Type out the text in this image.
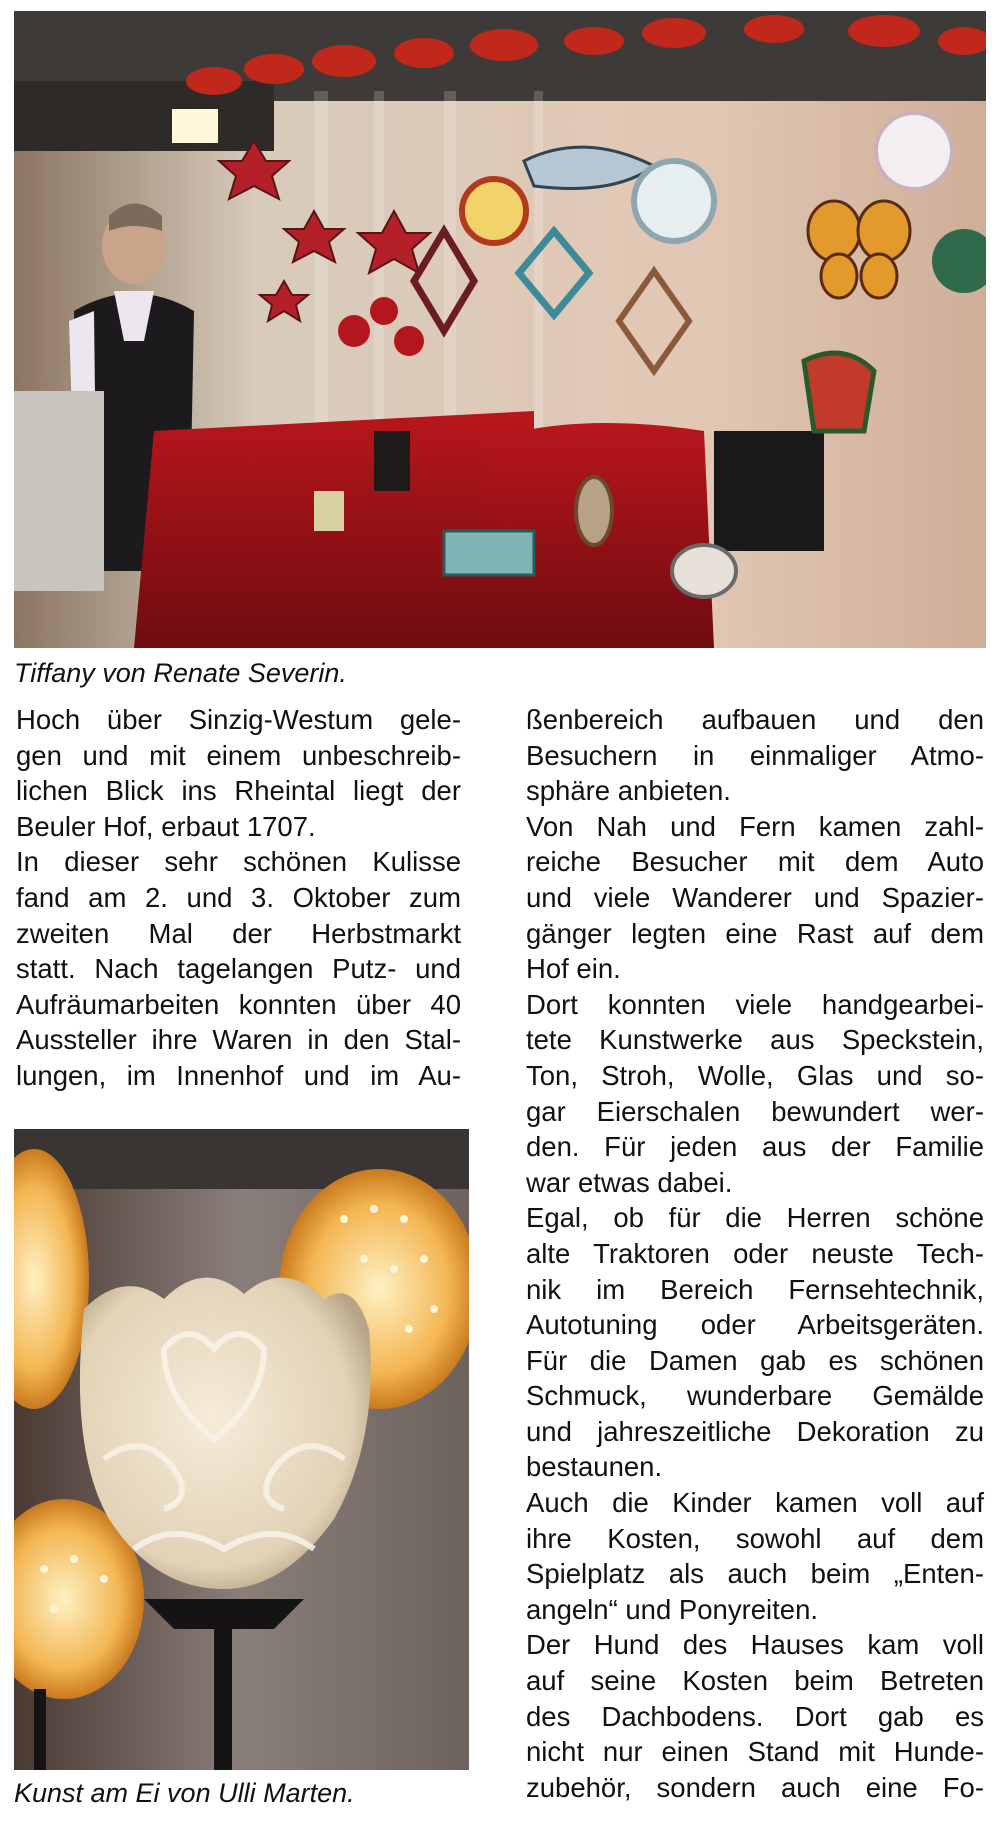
Tiffany von Renate Severin.
Hoch über Sinzig-Westum gele-
gen und mit einem unbeschreib-
lichen Blick ins Rheintal liegt der
Beuler Hof, erbaut 1707.
In dieser sehr schönen Kulisse
fand am 2. und 3. Oktober zum
zweiten Mal der Herbstmarkt
statt. Nach tagelangen Putz- und
Aufräumarbeiten konnten über 40
Aussteller ihre Waren in den Stal-
lungen, im Innenhof und im Au-
Kunst am Ei von Ulli Marten.
ßenbereich aufbauen und den
Besuchern in einmaliger Atmo-
sphäre anbieten.
Von Nah und Fern kamen zahl-
reiche Besucher mit dem Auto
und viele Wanderer und Spazier-
gänger legten eine Rast auf dem
Hof ein.
Dort konnten viele handgearbei-
tete Kunstwerke aus Speckstein,
Ton, Stroh, Wolle, Glas und so-
gar Eierschalen bewundert wer-
den. Für jeden aus der Familie
war etwas dabei.
Egal, ob für die Herren schöne
alte Traktoren oder neuste Tech-
nik im Bereich Fernsehtechnik,
Autotuning oder Arbeitsgeräten.
Für die Damen gab es schönen
Schmuck, wunderbare Gemälde
und jahreszeitliche Dekoration zu
bestaunen.
Auch die Kinder kamen voll auf
ihre Kosten, sowohl auf dem
Spielplatz als auch beim „Enten-
angeln“ und Ponyreiten.
Der Hund des Hauses kam voll
auf seine Kosten beim Betreten
des Dachbodens. Dort gab es
nicht nur einen Stand mit Hunde-
zubehör, sondern auch eine Fo-
